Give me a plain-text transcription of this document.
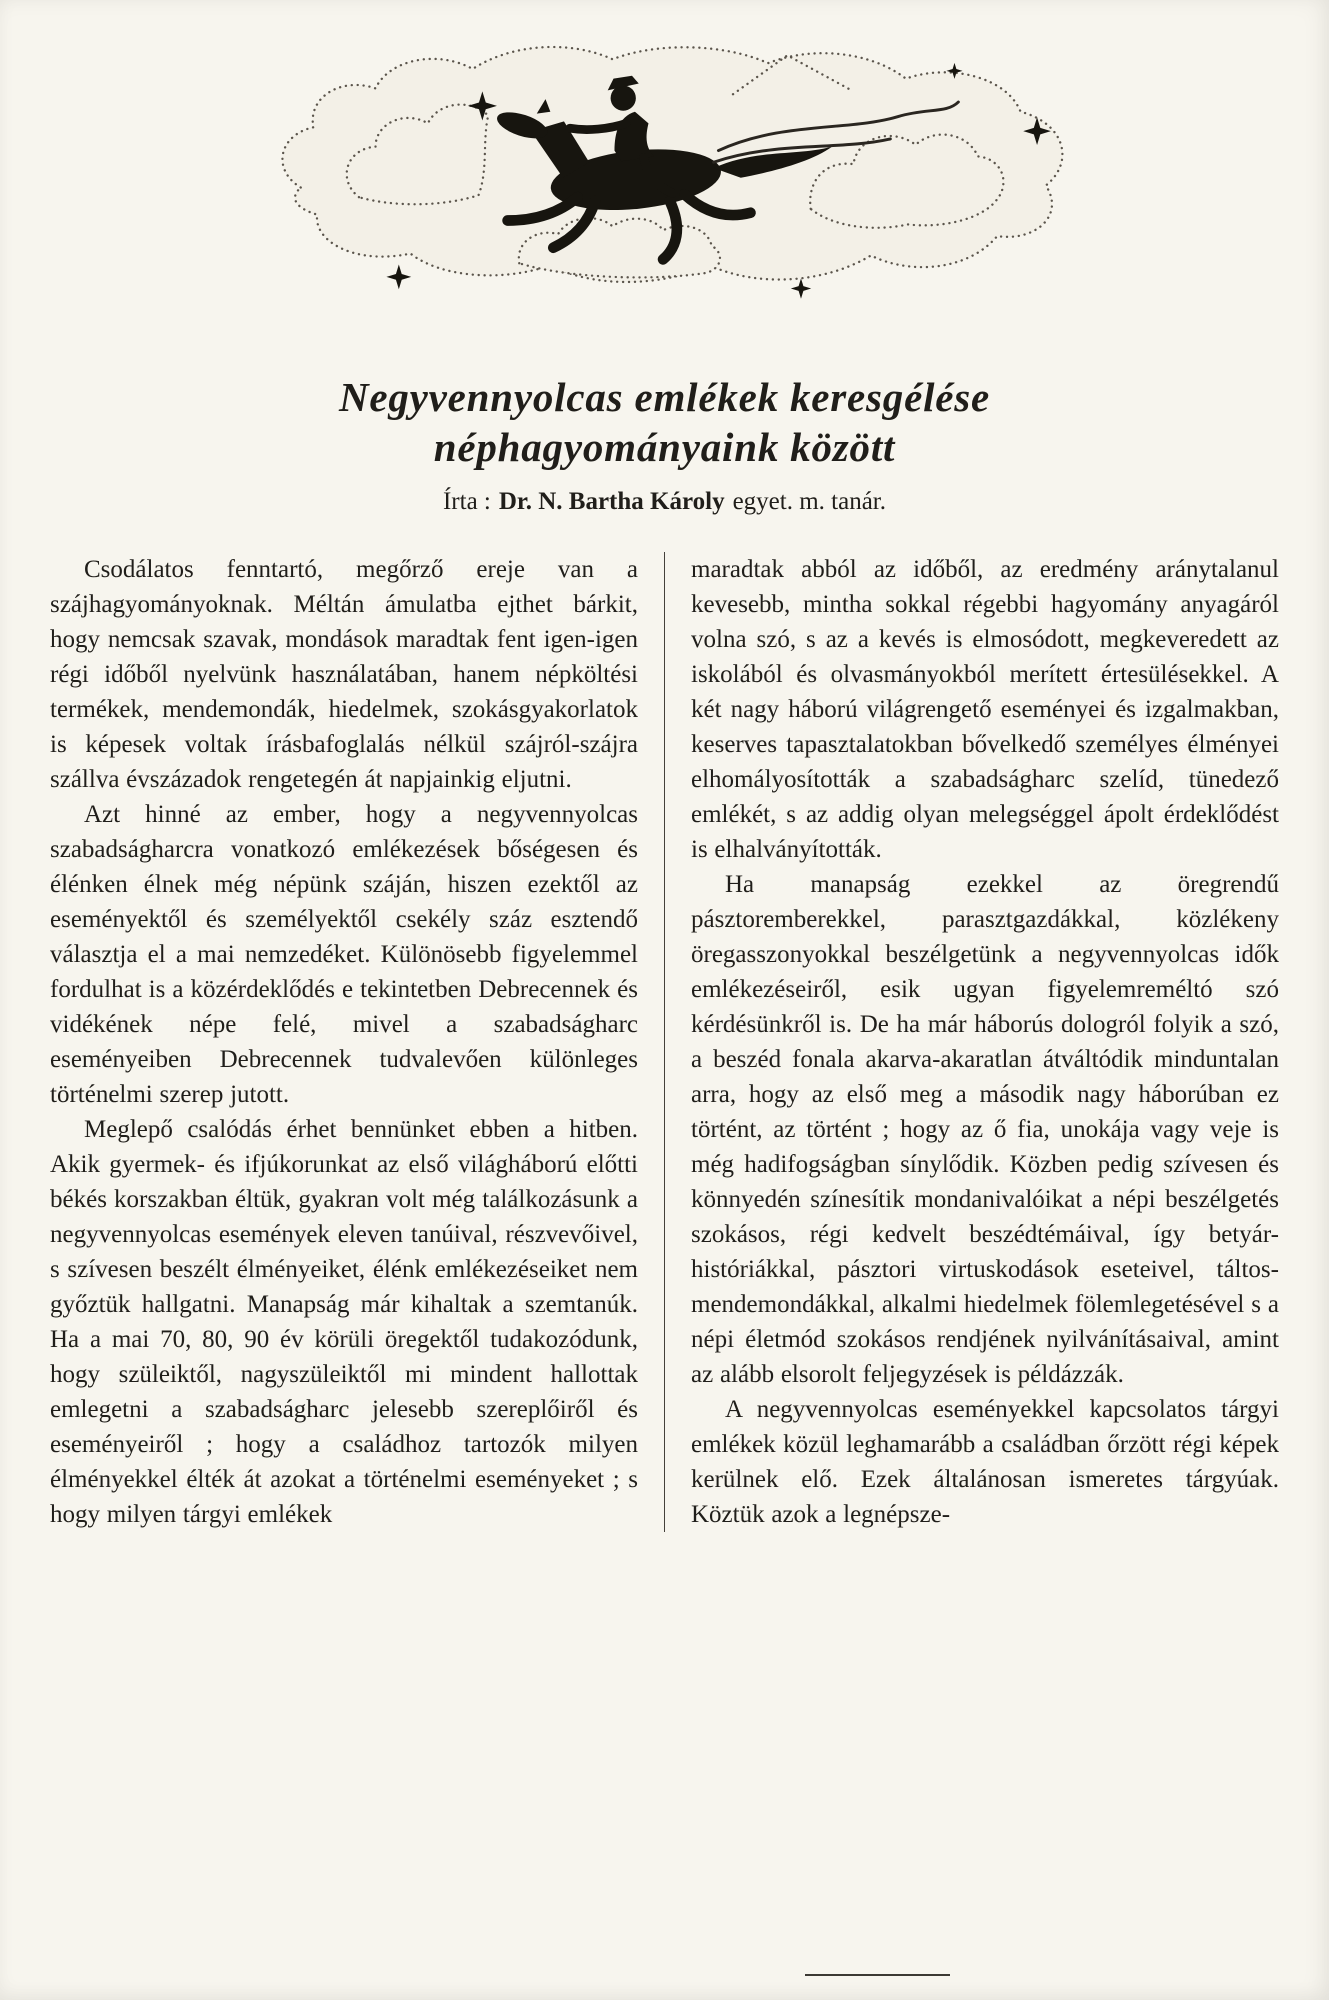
Negyvennyolcas emlékek keresgélése
néphagyományaink között

Írta : Dr. N. Bartha Károly egyet. m. tanár.

Csodálatos fenntartó, megőrző ereje van a szájhagyományoknak. Méltán ámulatba ejthet bárkit, hogy nemcsak szavak, mondások maradtak fent igen-igen régi időből nyelvünk használatában, hanem népköltési termékek, mendemondák, hiedelmek, szokásgyakorlatok is képesek voltak írásbafoglalás nélkül szájról-szájra szállva évszázadok rengetegén át napjainkig eljutni.

Azt hinné az ember, hogy a negyvennyolcas szabadságharcra vonatkozó emlékezések bőségesen és élénken élnek még népünk száján, hiszen ezektől az eseményektől és személyektől csekély száz esztendő választja el a mai nemzedéket. Különösebb figyelemmel fordulhat is a közérdeklődés e tekintetben Debrecennek és vidékének népe felé, mivel a szabadságharc eseményeiben Debrecennek tudvalevően különleges történelmi szerep jutott.

Meglepő csalódás érhet bennünket ebben a hitben. Akik gyermek- és ifjúkorunkat az első világháború előtti békés korszakban éltük, gyakran volt még találkozásunk a negyvennyolcas események eleven tanúival, részvevőivel, s szívesen beszélt élményeiket, élénk emlékezéseiket nem győztük hallgatni. Manapság már kihaltak a szemtanúk. Ha a mai 70, 80, 90 év körüli öregektől tudakozódunk, hogy szüleiktől, nagyszüleiktől mi mindent hallottak emlegetni a szabadságharc jelesebb szereplőiről és eseményeiről ; hogy a családhoz tartozók milyen élményekkel élték át azokat a történelmi eseményeket ; s hogy milyen tárgyi emlékek

maradtak abból az időből, az eredmény aránytalanul kevesebb, mintha sokkal régebbi hagyomány anyagáról volna szó, s az a kevés is elmosódott, megkeveredett az iskolából és olvasmányokból merített értesülésekkel. A két nagy háború világrengető eseményei és izgalmakban, keserves tapasztalatokban bővelkedő személyes élményei elhomályosították a szabadságharc szelíd, tünedező emlékét, s az addig olyan melegséggel ápolt érdeklődést is elhalványították.

Ha manapság ezekkel az öregrendű pásztoremberekkel, parasztgazdákkal, közlékeny öregasszonyokkal beszélgetünk a negyvennyolcas idők emlékezéseiről, esik ugyan figyelemreméltó szó kérdésünkről is. De ha már háborús dologról folyik a szó, a beszéd fonala akarva-akaratlan átváltódik minduntalan arra, hogy az első meg a második nagy háborúban ez történt, az történt ; hogy az ő fia, unokája vagy veje is még hadifogságban sínylődik. Közben pedig szívesen és könnyedén színesítik mondanivalóikat a népi beszélgetés szokásos, régi kedvelt beszédtémáival, így betyár-históriákkal, pásztori virtuskodások eseteivel, táltos-mendemondákkal, alkalmi hiedelmek fölemlegetésével s a népi életmód szokásos rendjének nyilvánításaival, amint az alább elsorolt feljegyzések is példázzák.

A negyvennyolcas eseményekkel kapcsolatos tárgyi emlékek közül leghamarább a családban őrzött régi képek kerülnek elő. Ezek általánosan ismeretes tárgyúak. Köztük azok a legnépsze-
